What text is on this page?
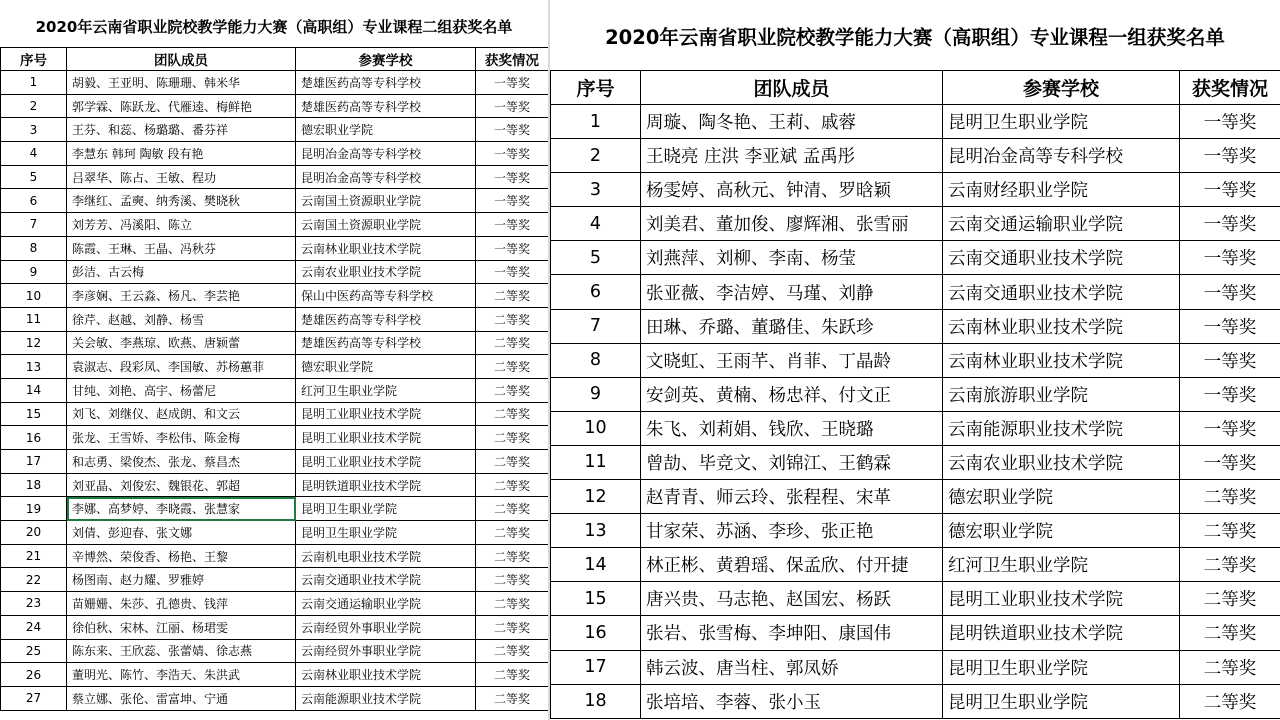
2020年云南省职业院校教学能力大赛（高职组）专业课程二组获奖名单
序号	团队成员	参赛学校	获奖情况
1	胡毅、王亚明、陈珊珊、韩米华	楚雄医药高等专科学校	一等奖
2	郭学霖、陈跃龙、代雁逵、梅鲜艳	楚雄医药高等专科学校	一等奖
3	王芬、和蕊、杨璐璐、番芬祥	德宏职业学院	一等奖
4	李慧东 韩珂 陶敏 段有艳	昆明冶金高等专科学校	一等奖
5	吕翠华、陈占、王敏、程功	昆明冶金高等专科学校	一等奖
6	李继红、孟奭、纳秀溪、樊晓秋	云南国土资源职业学院	一等奖
7	刘芳芳、冯溪阳、陈立	云南国土资源职业学院	一等奖
8	陈霞、王琳、王晶、冯秋芬	云南林业职业技术学院	一等奖
9	彭洁、古云梅	云南农业职业技术学院	一等奖
10	李彦娴、王云淼、杨凡、李芸艳	保山中医药高等专科学校	二等奖
11	徐芹、赵越、刘静、杨雪	楚雄医药高等专科学校	二等奖
12	关会敏、李燕琼、欧燕、唐颖蕾	楚雄医药高等专科学校	二等奖
13	袁淑志、段彩凤、李国敏、苏杨蕙菲	德宏职业学院	二等奖
14	甘纯、刘艳、高宇、杨蕾尼	红河卫生职业学院	二等奖
15	刘飞、刘继仪、赵成朗、和文云	昆明工业职业技术学院	二等奖
16	张龙、王雪娇、李松伟、陈金梅	昆明工业职业技术学院	二等奖
17	和志勇、梁俊杰、张龙、蔡昌杰	昆明工业职业技术学院	二等奖
18	刘亚晶、刘俊宏、魏银花、郭超	昆明铁道职业技术学院	二等奖
19	李娜、高梦婷、李晓霞、张慧家	昆明卫生职业学院	二等奖
20	刘倩、彭迎春、张文娜	昆明卫生职业学院	二等奖
21	辛博然、荣俊香、杨艳、王黎	云南机电职业技术学院	二等奖
22	杨图南、赵力耀、罗雅婷	云南交通职业技术学院	二等奖
23	苗姗姗、朱莎、孔德贵、钱萍	云南交通运输职业学院	二等奖
24	徐伯秋、宋林、江丽、杨珺雯	云南经贸外事职业学院	二等奖
25	陈东来、王欣蕊、张蕾婧、徐志燕	云南经贸外事职业学院	二等奖
26	董明光、陈竹、李浩天、朱洪武	云南林业职业技术学院	二等奖
27	蔡立娜、张伦、雷富坤、宁通	云南能源职业技术学院	二等奖
2020年云南省职业院校教学能力大赛（高职组）专业课程一组获奖名单
序号	团队成员	参赛学校	获奖情况
1	周璇、陶冬艳、王莉、戚蓉	昆明卫生职业学院	一等奖
2	王晓亮 庄洪 李亚斌 孟禹彤	昆明冶金高等专科学校	一等奖
3	杨雯婷、高秋元、钟清、罗晗颖	云南财经职业学院	一等奖
4	刘美君、董加俊、廖辉湘、张雪丽	云南交通运输职业学院	一等奖
5	刘燕萍、刘柳、李南、杨莹	云南交通职业技术学院	一等奖
6	张亚薇、李洁婷、马瑾、刘静	云南交通职业技术学院	一等奖
7	田琳、乔璐、董璐佳、朱跃珍	云南林业职业技术学院	一等奖
8	文晓虹、王雨芊、肖菲、丁晶龄	云南林业职业技术学院	一等奖
9	安剑英、黄楠、杨忠祥、付文正	云南旅游职业学院	一等奖
10	朱飞、刘莉娟、钱欣、王晓璐	云南能源职业技术学院	一等奖
11	曾劼、毕竞文、刘锦江、王鹤霖	云南农业职业技术学院	一等奖
12	赵青青、师云玲、张程程、宋革	德宏职业学院	二等奖
13	甘家荣、苏涵、李珍、张正艳	德宏职业学院	二等奖
14	林正彬、黄碧瑶、保孟欣、付开捷	红河卫生职业学院	二等奖
15	唐兴贵、马志艳、赵国宏、杨跃	昆明工业职业技术学院	二等奖
16	张岩、张雪梅、李坤阳、康国伟	昆明铁道职业技术学院	二等奖
17	韩云波、唐当柱、郭凤娇	昆明卫生职业学院	二等奖
18	张培培、李蓉、张小玉	昆明卫生职业学院	二等奖
